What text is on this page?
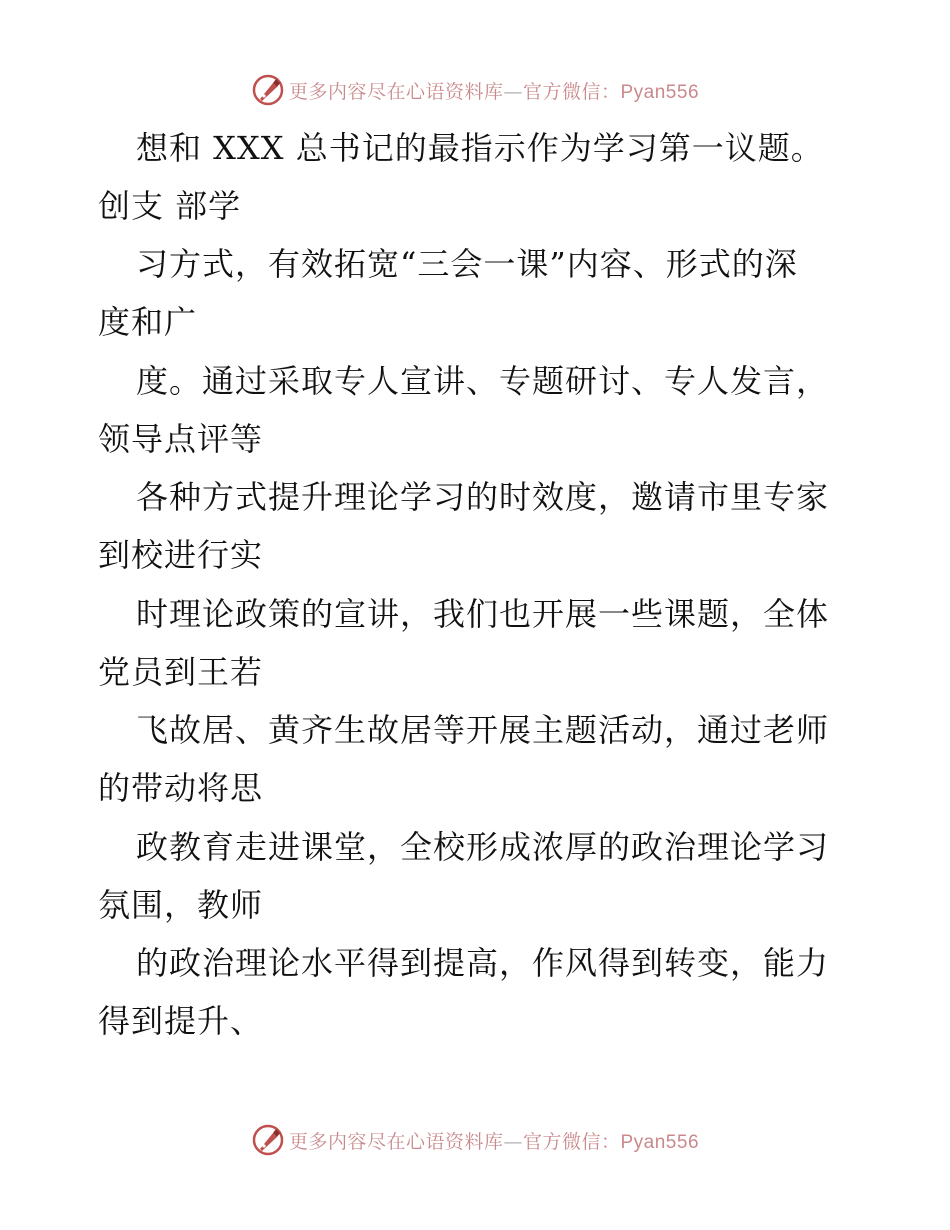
更多内容尽在心语资料库—官方微信：Pyan556
想和 XXX 总书记的最指示作为学习第一议题。
创支 部学
习方式，有效拓宽“三会一课”内容、形式的深
度和广
度。通过采取专人宣讲、专题研讨、专人发言，
领导点评等
各种方式提升理论学习的时效度，邀请市里专家
到校进行实
时理论政策的宣讲，我们也开展一些课题，全体
党员到王若
飞故居、黄齐生故居等开展主题活动，通过老师
的带动将思
政教育走进课堂，全校形成浓厚的政治理论学习
氛围，教师
的政治理论水平得到提高，作风得到转变，能力
得到提升、
更多内容尽在心语资料库—官方微信：Pyan556
